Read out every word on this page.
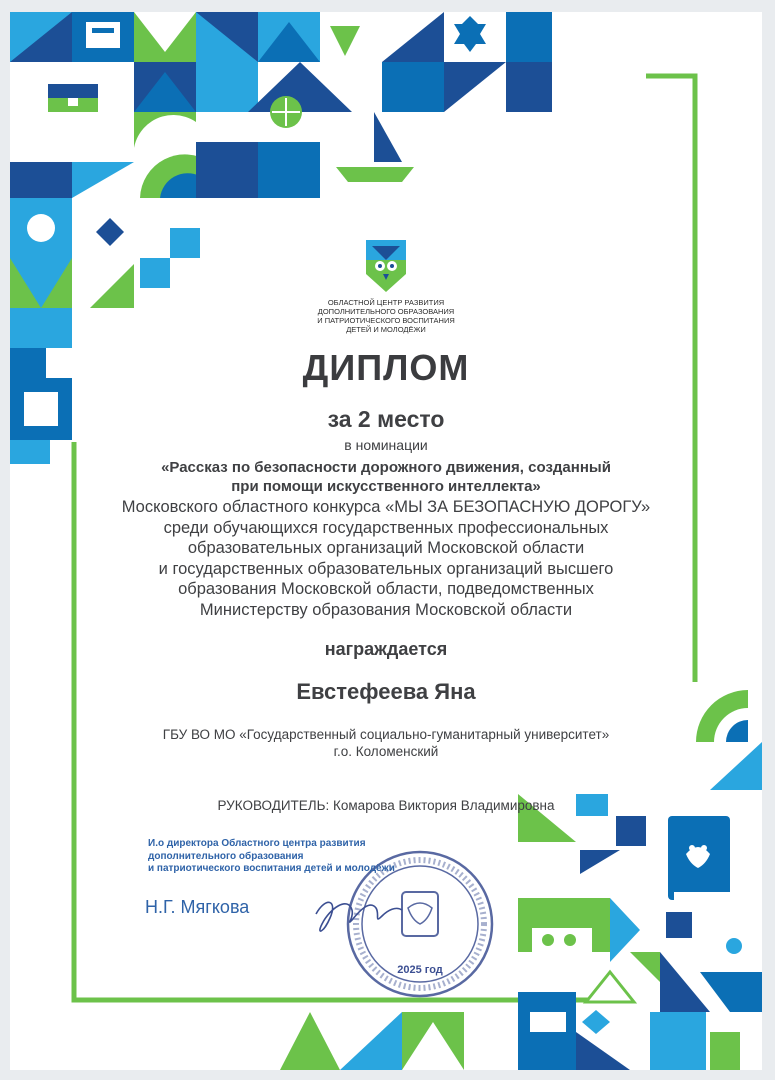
ОБЛАСТНОЙ ЦЕНТР РАЗВИТИЯ
ДОПОЛНИТЕЛЬНОГО ОБРАЗОВАНИЯ
И ПАТРИОТИЧЕСКОГО ВОСПИТАНИЯ
ДЕТЕЙ И МОЛОДЁЖИ
ДИПЛОМ
за 2 место
в номинации
«Рассказ по безопасности дорожного движения, созданный
при помощи искусственного интеллекта»
Московского областного конкурса «МЫ ЗА БЕЗОПАСНУЮ ДОРОГУ»
среди обучающихся государственных профессиональных
образовательных организаций Московской области
и государственных образовательных организаций высшего
образования Московской области, подведомственных
Министерству образования Московской области
награждается
Евстефеева Яна
ГБУ ВО МО «Государственный социально-гуманитарный университет»
г.о. Коломенский
РУКОВОДИТЕЛЬ: Комарова Виктория Владимировна
И.о директора Областного центра развития
дополнительного образования
и патриотического воспитания детей и молодёжи
Н.Г. Мягкова
2025 год
